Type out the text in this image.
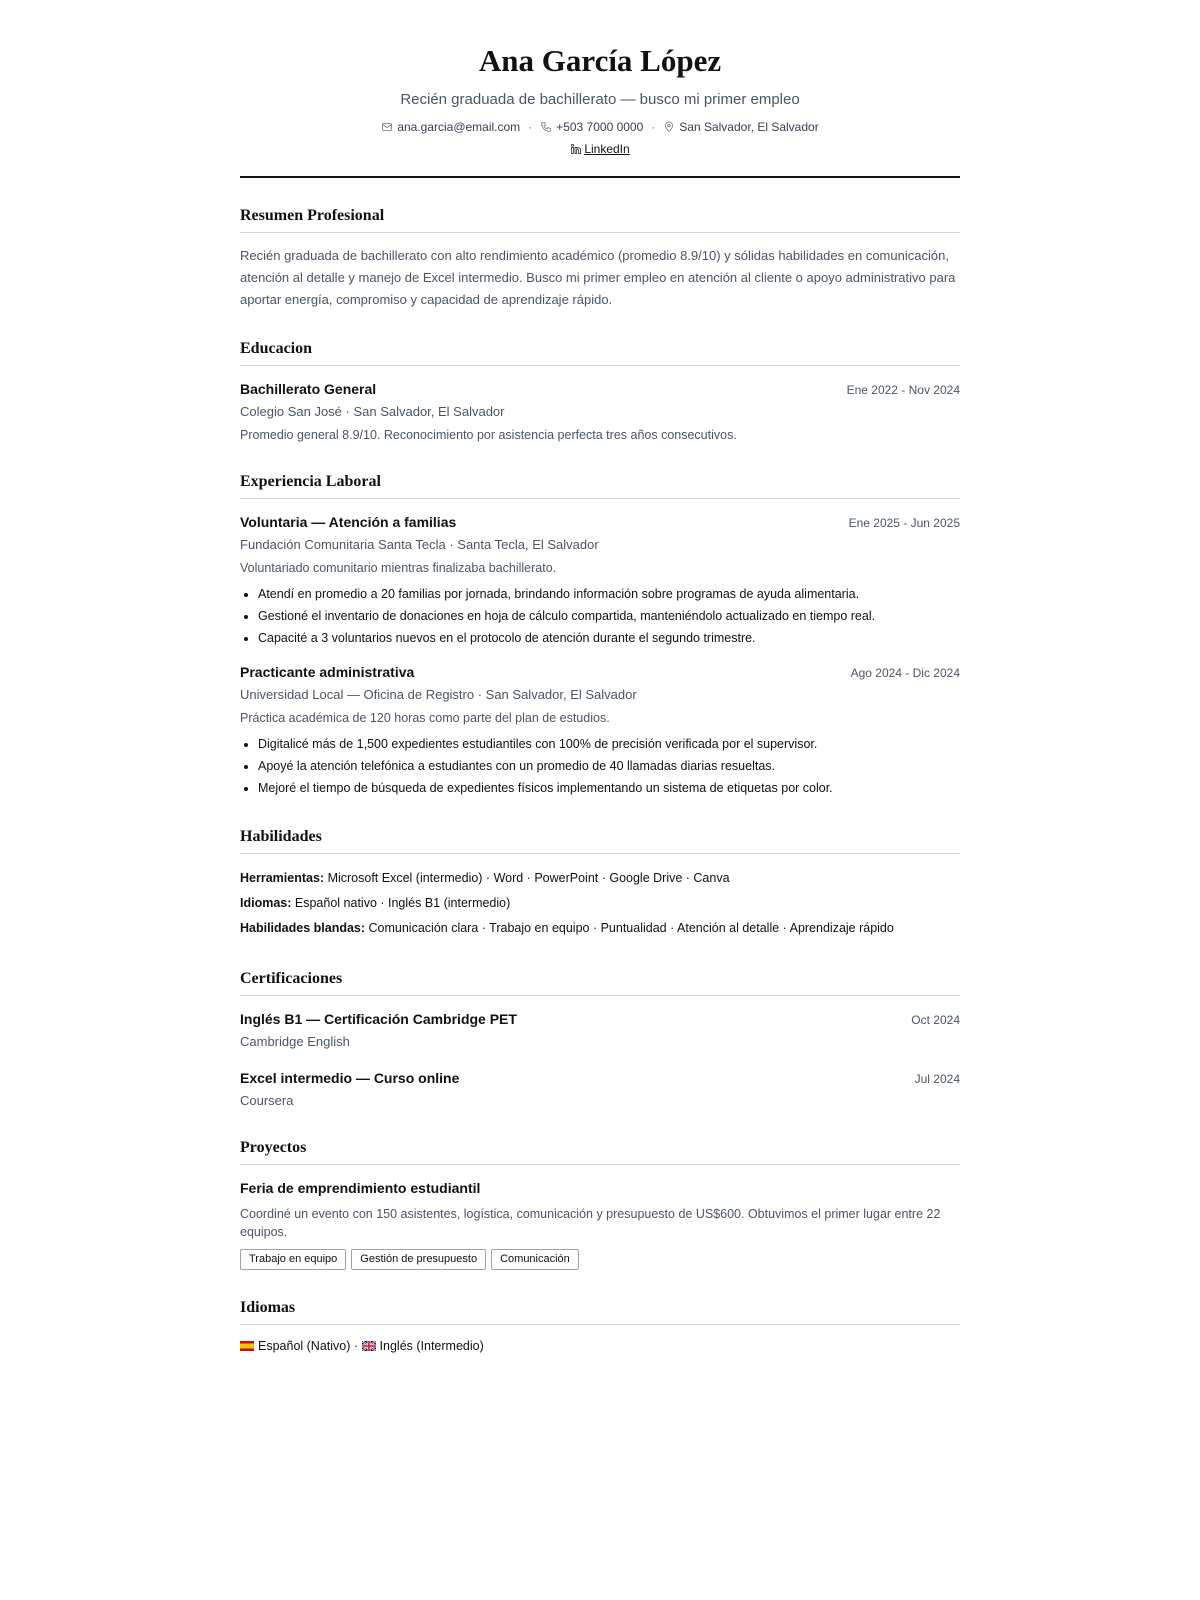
Ana García López
Recién graduada de bachillerato — busco mi primer empleo
ana.garcia@email.com · +503 7000 0000 · San Salvador, El Salvador
LinkedIn
Resumen Profesional
Recién graduada de bachillerato con alto rendimiento académico (promedio 8.9/10) y sólidas habilidades en comunicación, atención al detalle y manejo de Excel intermedio. Busco mi primer empleo en atención al cliente o apoyo administrativo para aportar energía, compromiso y capacidad de aprendizaje rápido.
Educacion
Bachillerato General	Ene 2022 - Nov 2024
Colegio San José · San Salvador, El Salvador
Promedio general 8.9/10. Reconocimiento por asistencia perfecta tres años consecutivos.
Experiencia Laboral
Voluntaria — Atención a familias	Ene 2025 - Jun 2025
Fundación Comunitaria Santa Tecla · Santa Tecla, El Salvador
Voluntariado comunitario mientras finalizaba bachillerato.
• Atendí en promedio a 20 familias por jornada, brindando información sobre programas de ayuda alimentaria.
• Gestioné el inventario de donaciones en hoja de cálculo compartida, manteniéndolo actualizado en tiempo real.
• Capacité a 3 voluntarios nuevos en el protocolo de atención durante el segundo trimestre.
Practicante administrativa	Ago 2024 - Dic 2024
Universidad Local — Oficina de Registro · San Salvador, El Salvador
Práctica académica de 120 horas como parte del plan de estudios.
• Digitalicé más de 1,500 expedientes estudiantiles con 100% de precisión verificada por el supervisor.
• Apoyé la atención telefónica a estudiantes con un promedio de 40 llamadas diarias resueltas.
• Mejoré el tiempo de búsqueda de expedientes físicos implementando un sistema de etiquetas por color.
Habilidades
Herramientas: Microsoft Excel (intermedio) · Word · PowerPoint · Google Drive · Canva
Idiomas: Español nativo · Inglés B1 (intermedio)
Habilidades blandas: Comunicación clara · Trabajo en equipo · Puntualidad · Atención al detalle · Aprendizaje rápido
Certificaciones
Inglés B1 — Certificación Cambridge PET	Oct 2024
Cambridge English
Excel intermedio — Curso online	Jul 2024
Coursera
Proyectos
Feria de emprendimiento estudiantil
Coordiné un evento con 150 asistentes, logística, comunicación y presupuesto de US$600. Obtuvimos el primer lugar entre 22 equipos.
Trabajo en equipo	Gestión de presupuesto	Comunicación
Idiomas
Español (Nativo) · Inglés (Intermedio)
